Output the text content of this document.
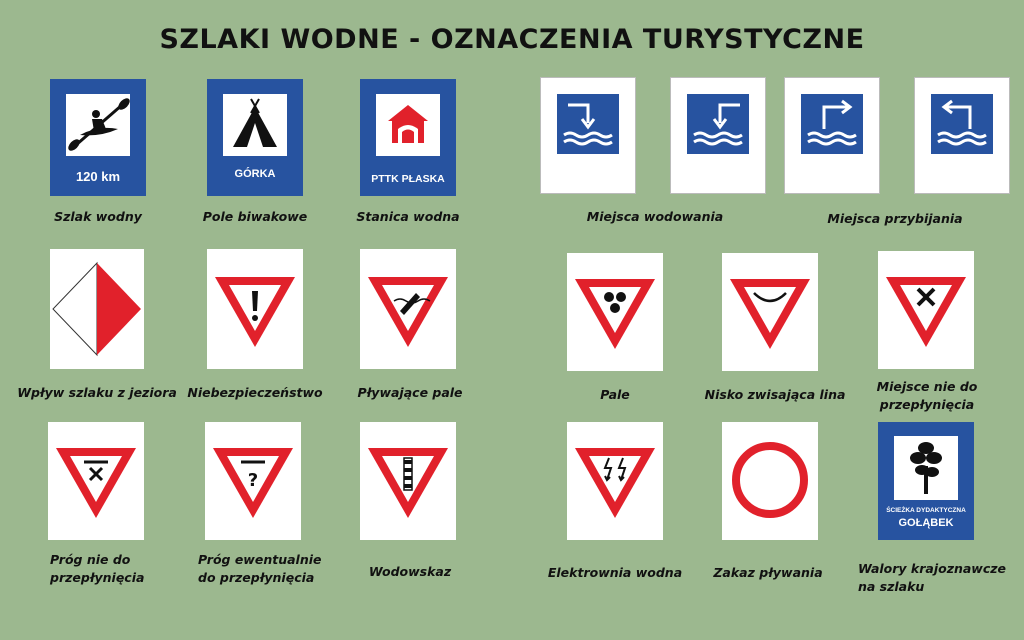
SZLAKI WODNE - OZNACZENIA TURYSTYCZNE
120 km
Szlak wodny
GÓRKA
Pole biwakowe
PTTK PŁASKA
Stanica wodna	Miejsca wodowania	Miejsca przybijania
Wpływ szlaku z jeziora Niebezpieczeństwo	Pływające pale	Pale	Nisko zwisająca lina
Miejsce nie do
przepłynięcia
Próg nie do
przepłynięcia
?
Próg ewentualnie
do przepłynięcia	Wodowskaz	Elektrownia wodna Zakaz pływania
ŚCIEŻKA DYDAKTYCZNA
GOŁĄBEK
Walory krajoznawcze
na szlaku
